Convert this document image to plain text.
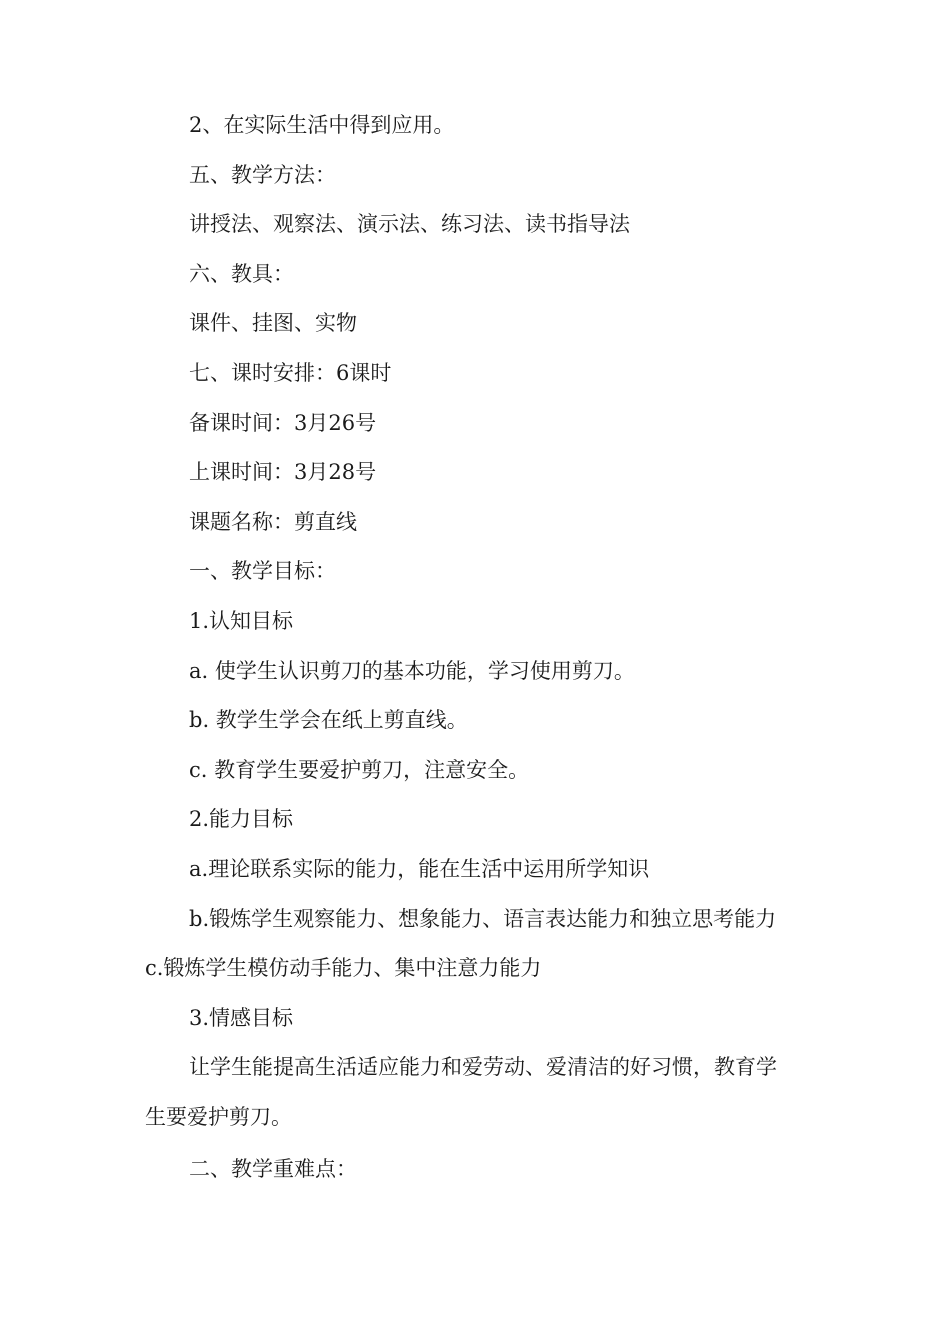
2、在实际生活中得到应用。
五、教学方法：
讲授法、观察法、演示法、练习法、读书指导法
六、教具：
课件、挂图、实物
七、课时安排：6课时
备课时间：3月26号
上课时间：3月28号
课题名称：剪直线
一、教学目标：
1.认知目标
a. 使学生认识剪刀的基本功能，学习使用剪刀。
b. 教学生学会在纸上剪直线。
c. 教育学生要爱护剪刀，注意安全。
2.能力目标
a.理论联系实际的能力，能在生活中运用所学知识
b.锻炼学生观察能力、想象能力、语言表达能力和独立思考能力
c.锻炼学生模仿动手能力、集中注意力能力
3.情感目标
让学生能提高生活适应能力和爱劳动、爱清洁的好习惯，教育学
生要爱护剪刀。
二、教学重难点：
